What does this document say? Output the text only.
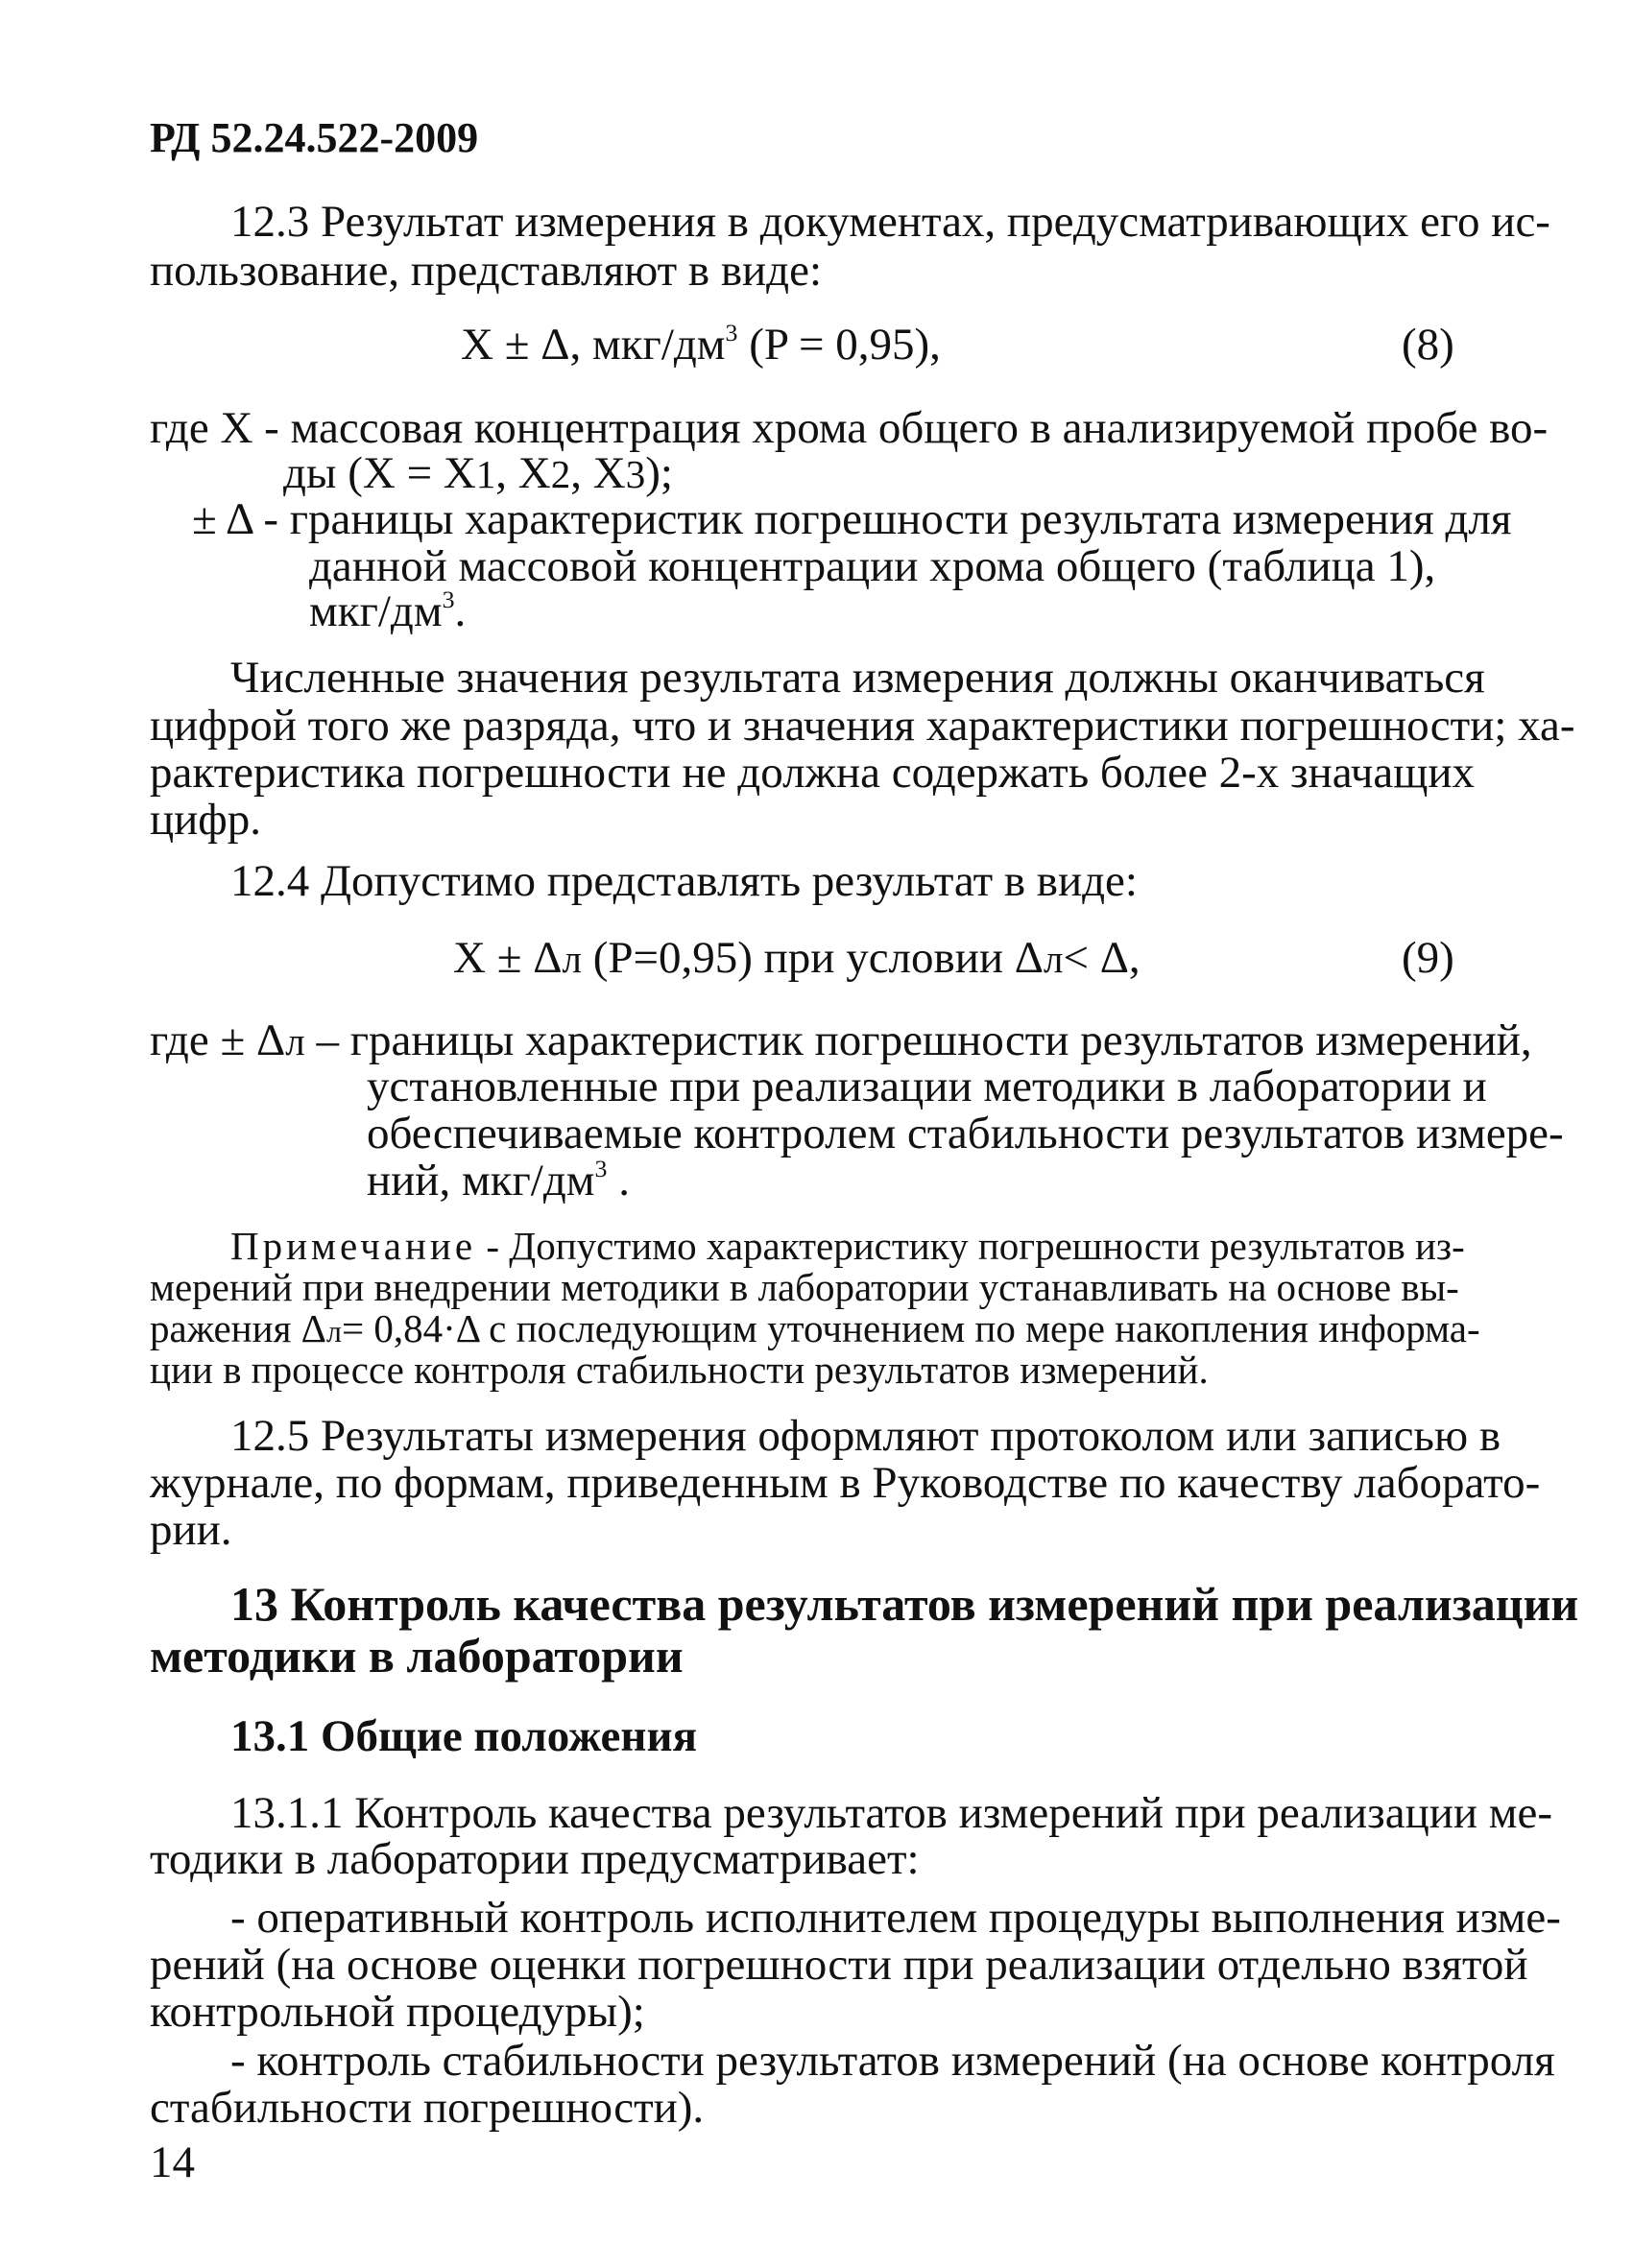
РД 52.24.522-2009
12.3 Результат измерения в документах, предусматривающих его ис-
пользование, представляют в виде:
X ± Δ, мкг/$дм^3$ (P = 0,95),	(8)
где X - массовая концентрация хрома общего в анализируемой пробе во-
ды (X = X1, X2, X3);
± Δ - границы характеристик погрешности результата измерения для
данной массовой концентрации хрома общего (таблица 1),
мкг/$дм^3$.
Численные значения результата измерения должны оканчиваться
цифрой того же разряда, что и значения характеристики погрешности; ха-
рактеристика погрешности не должна содержать более 2-х значащих
цифр.
12.4 Допустимо представлять результат в виде:
X ± Δл (P=0,95) при условии Δл< Δ,	(9)
где ± Δл – границы характеристик погрешности результатов измерений,
установленные при реализации методики в лаборатории и
обеспечиваемые контролем стабильности результатов измере-
ний, мкг/$дм^3$ .
Примечание - Допустимо характеристику погрешности результатов из-
мерений при внедрении методики в лаборатории устанавливать на основе вы-
ражения Δл= 0,84·Δ с последующим уточнением по мере накопления информа-
ции в процессе контроля стабильности результатов измерений.
12.5 Результаты измерения оформляют протоколом или записью в
журнале, по формам, приведенным в Руководстве по качеству лаборато-
рии.
13 Контроль качества результатов измерений при реализации
методики в лаборатории
13.1 Общие положения
13.1.1 Контроль качества результатов измерений при реализации ме-
тодики в лаборатории предусматривает:
- оперативный контроль исполнителем процедуры выполнения изме-
рений (на основе оценки погрешности при реализации отдельно взятой
контрольной процедуры);
- контроль стабильности результатов измерений (на основе контроля
стабильности погрешности).
14
